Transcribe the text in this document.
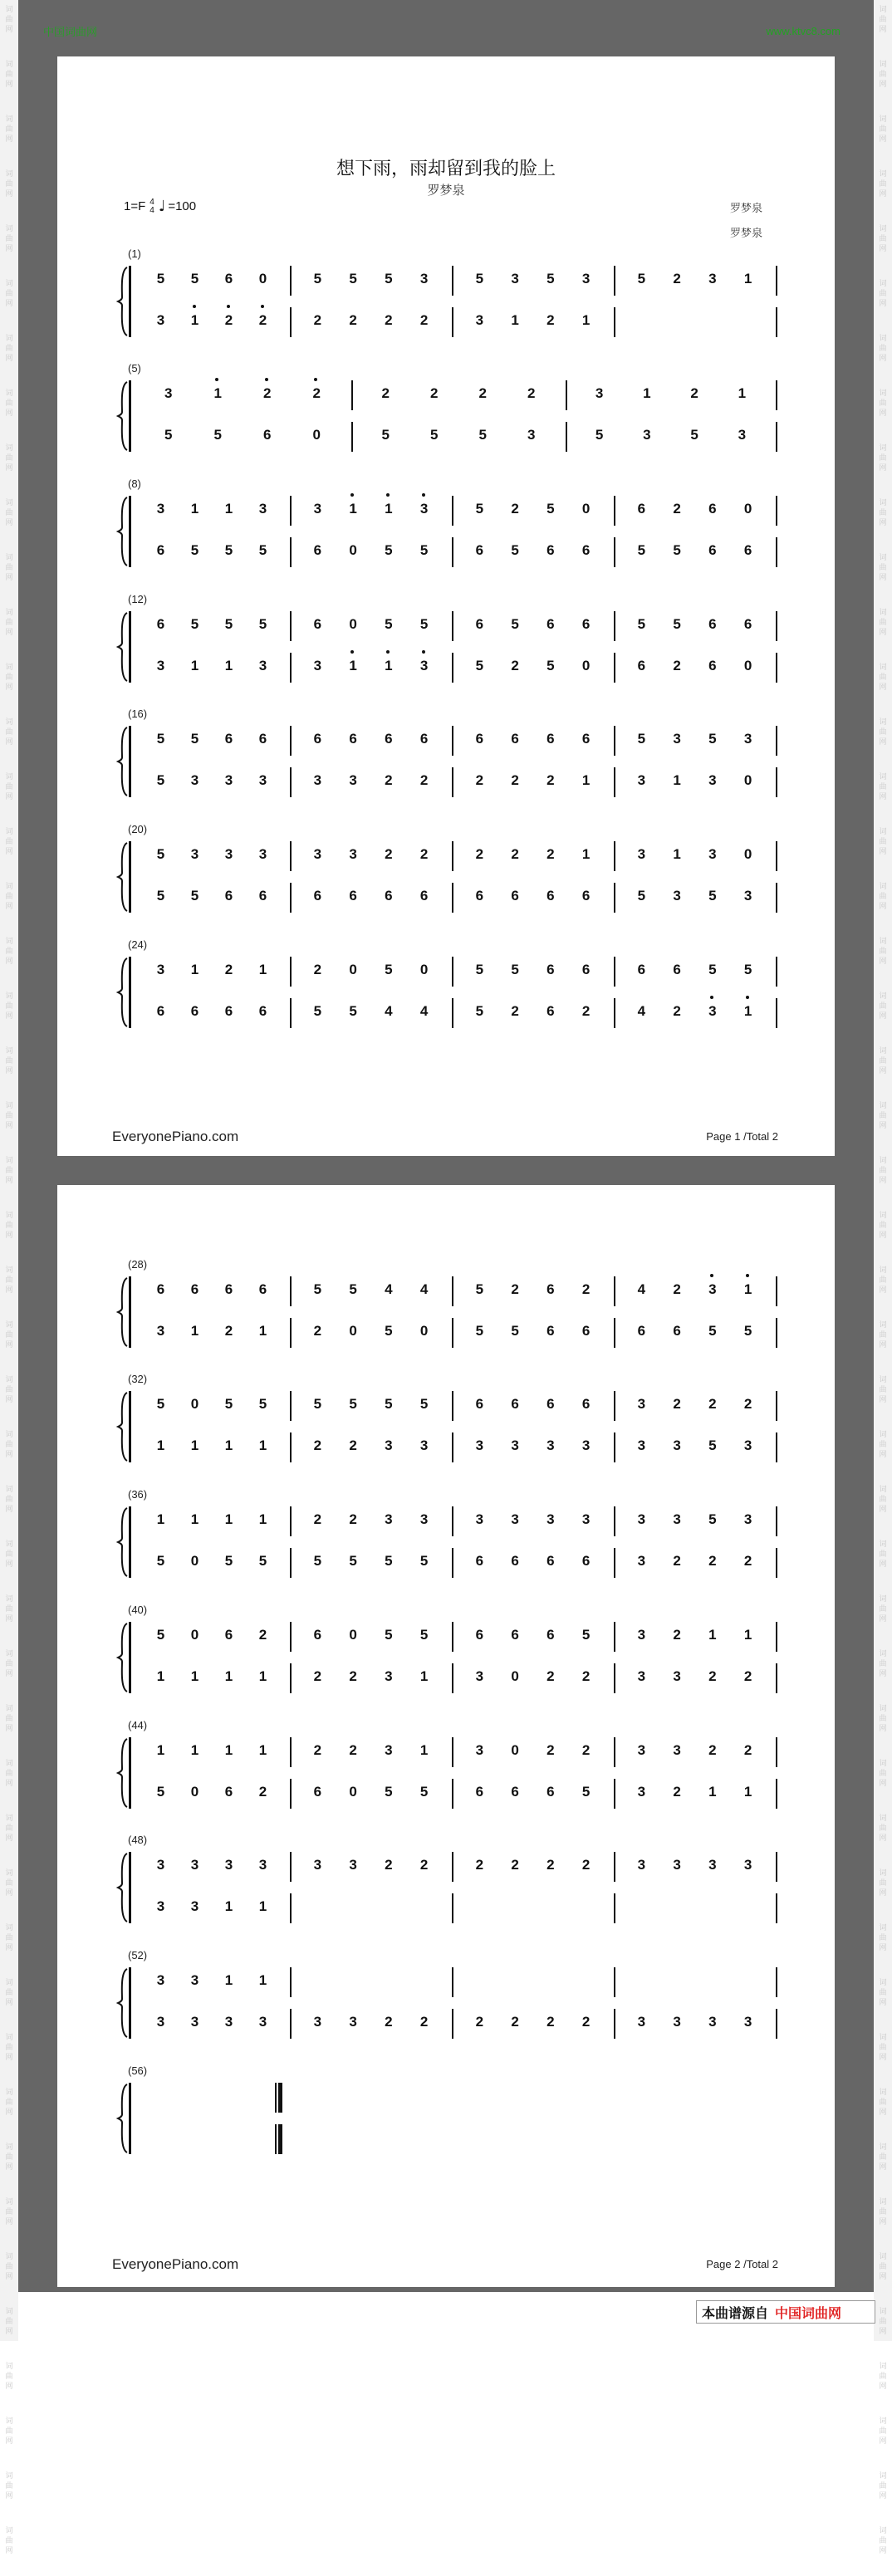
词
曲
网
词
曲
网
词
曲
网
词
曲
网
词
曲
网
词
曲
网
词
曲
网
词
曲
网
词
曲
网
词
曲
网
词
曲
网
词
曲
网
词
曲
网
词
曲
网
词
曲
网
词
曲
网
词
曲
网
词
曲
网
词
曲
网
词
曲
网
词
曲
网
词
曲
网
词
曲
网
词
曲
网
词
曲
网
词
曲
网
词
曲
网
词
曲
网
词
曲
网
词
曲
网
词
曲
网
词
曲
网
词
曲
网
词
曲
网
词
曲
网
词
曲
网
词
曲
网
词
曲
网
词
曲
网
词
曲
网
词
曲
网
词
曲
网
词
曲
网
词
曲
网
词
曲
网
词
曲
网
词
曲
网
词
曲
网
词
曲
网
词
曲
网
词
曲
网
词
曲
网
词
曲
网
词
曲
网
词
曲
网
词
曲
网
词
曲
网
词
曲
网
词
曲
网
词
曲
网
词
曲
网
词
曲
网
词
曲
网
词
曲
网
词
曲
网
词
曲
网
词
曲
网
词
曲
网
词
曲
网
词
曲
网
词
曲
网
词
曲
网
词
曲
网
词
曲
网
词
曲
网
词
曲
网
词
曲
网
词
曲
网
词
曲
网
词
曲
网
词
曲
网
词
曲
网
词
曲
网
词
曲
网
词
曲
网
词
曲
网
词
曲
网
词
曲
网
词
曲
网
词
曲
网
词
曲
网
词
曲
网
词
曲
网
词
曲
网
中国词曲网	www.ktvc8.com
想下雨，雨却留到我的脸上
罗梦泉
罗梦泉
罗梦泉
1=F 4
4 ♩ =100
(1)
5	5	6	0	5	5	5	3	5	3	5	3	5	2	3	1
3	1	2	2	2	2	2	2	3	1	2	1
(5)
3	1	2	2	2	2	2	2	3	1	2	1
5	5	6	0	5	5	5	3	5	3	5	3
(8)
3	1	1	3	3	1	1	3	5	2	5	0	6	2	6	0
6	5	5	5	6	0	5	5	6	5	6	6	5	5	6	6
(12)
6	5	5	5	6	0	5	5	6	5	6	6	5	5	6	6
3	1	1	3	3	1	1	3	5	2	5	0	6	2	6	0
(16)
5	5	6	6	6	6	6	6	6	6	6	6	5	3	5	3
5	3	3	3	3	3	2	2	2	2	2	1	3	1	3	0
(20)
5	3	3	3	3	3	2	2	2	2	2	1	3	1	3	0
5	5	6	6	6	6	6	6	6	6	6	6	5	3	5	3
(24)
3	1	2	1	2	0	5	0	5	5	6	6	6	6	5	5
6	6	6	6	5	5	4	4	5	2	6	2	4	2	3	1
EveryonePiano.com	Page 1 /Total 2
(28)
6	6	6	6	5	5	4	4	5	2	6	2	4	2	3	1
3	1	2	1	2	0	5	0	5	5	6	6	6	6	5	5
(32)
5	0	5	5	5	5	5	5	6	6	6	6	3	2	2	2
1	1	1	1	2	2	3	3	3	3	3	3	3	3	5	3
(36)
1	1	1	1	2	2	3	3	3	3	3	3	3	3	5	3
5	0	5	5	5	5	5	5	6	6	6	6	3	2	2	2
(40)
5	0	6	2	6	0	5	5	6	6	6	5	3	2	1	1
1	1	1	1	2	2	3	1	3	0	2	2	3	3	2	2
(44)
1	1	1	1	2	2	3	1	3	0	2	2	3	3	2	2
5	0	6	2	6	0	5	5	6	6	6	5	3	2	1	1
(48)
3	3	3	3	3	3	2	2	2	2	2	2	3	3	3	3
3	3	1	1
(52)
3	3	1	1
3	3	3	3	3	3	2	2	2	2	2	2	3	3	3	3
(56)
EveryonePiano.com	Page 2 /Total 2
本曲谱源自 中国词曲网
